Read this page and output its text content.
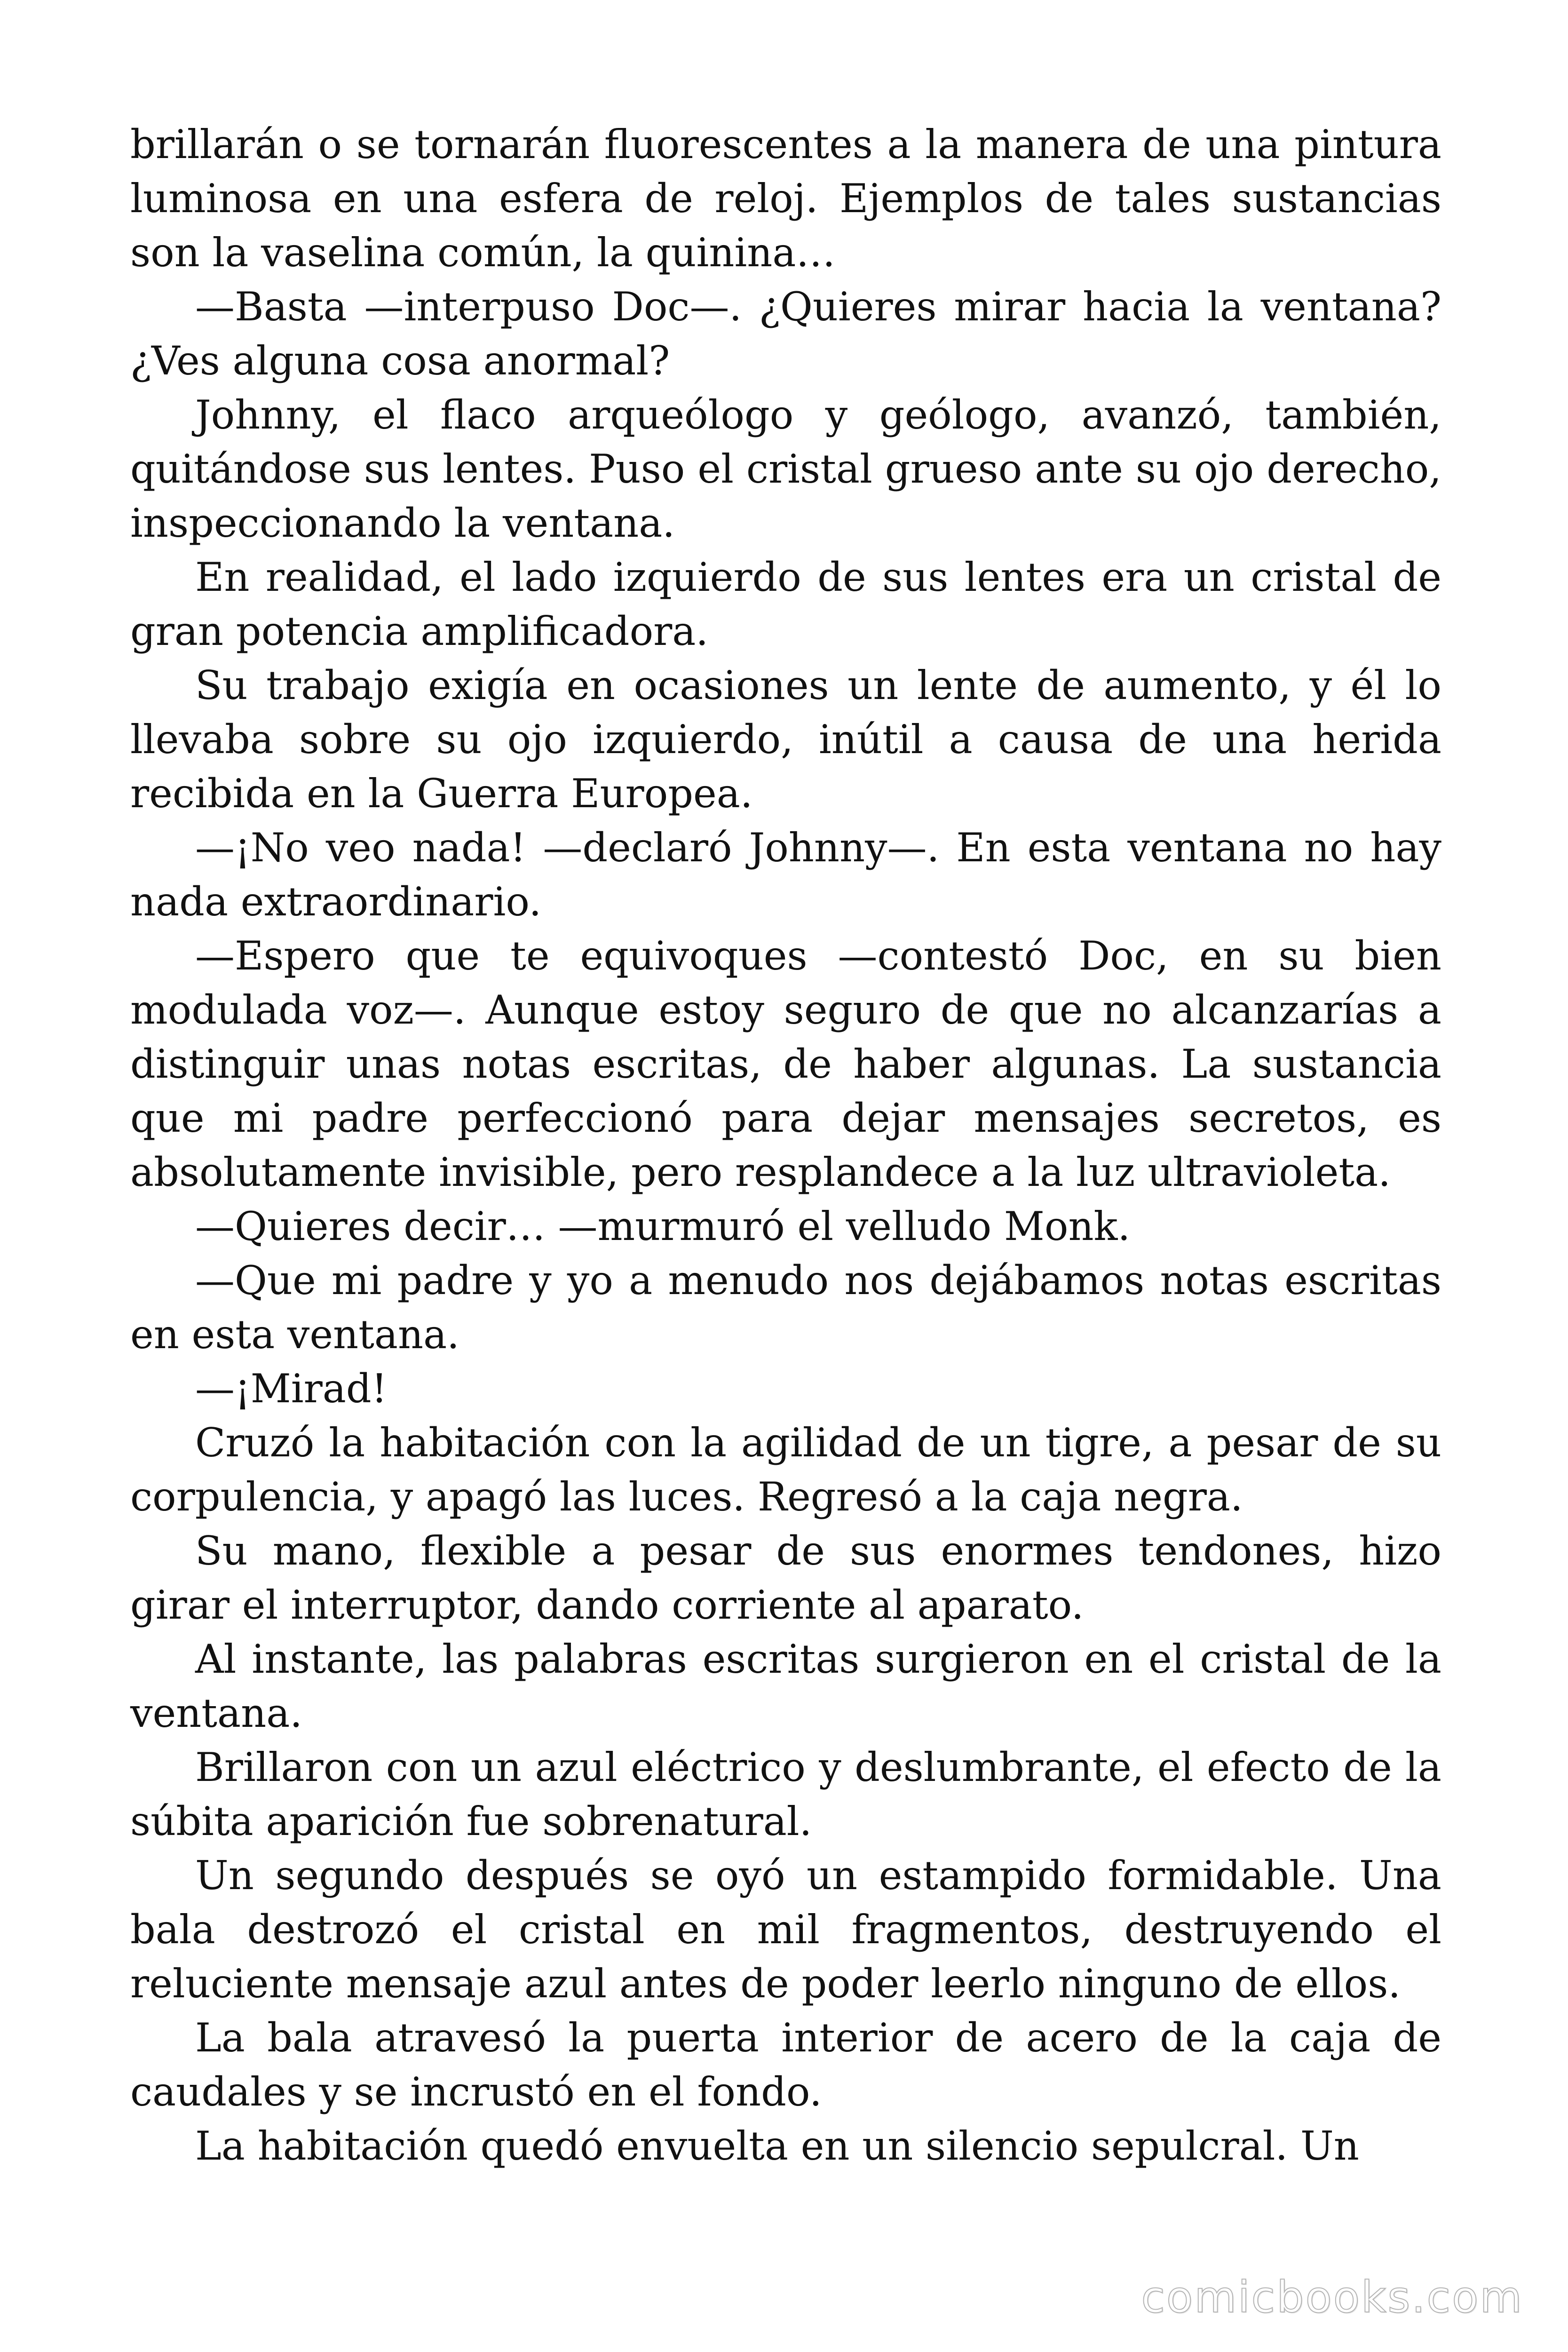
brillarán o se tornarán fluorescentes a la manera de una pintura luminosa en una esfera de reloj. Ejemplos de tales sustancias son la vaselina común, la quinina…

—Basta —interpuso Doc—. ¿Quieres mirar hacia la ventana? ¿Ves alguna cosa anormal?

Johnny, el flaco arqueólogo y geólogo, avanzó, también, quitándose sus lentes. Puso el cristal grueso ante su ojo derecho, inspeccionando la ventana.

En realidad, el lado izquierdo de sus lentes era un cristal de gran potencia amplificadora.

Su trabajo exigía en ocasiones un lente de aumento, y él lo llevaba sobre su ojo izquierdo, inútil a causa de una herida recibida en la Guerra Europea.

—¡No veo nada! —declaró Johnny—. En esta ventana no hay nada extraordinario.

—Espero que te equivoques —contestó Doc, en su bien modulada voz—. Aunque estoy seguro de que no alcanzarías a distinguir unas notas escritas, de haber algunas. La sustancia que mi padre perfeccionó para dejar mensajes secretos, es absolutamente invisible, pero resplandece a la luz ultravioleta.

—Quieres decir… —murmuró el velludo Monk.

—Que mi padre y yo a menudo nos dejábamos notas escritas en esta ventana.

—¡Mirad!

Cruzó la habitación con la agilidad de un tigre, a pesar de su corpulencia, y apagó las luces. Regresó a la caja negra.

Su mano, flexible a pesar de sus enormes tendones, hizo girar el interruptor, dando corriente al aparato.

Al instante, las palabras escritas surgieron en el cristal de la ventana.

Brillaron con un azul eléctrico y deslumbrante, el efecto de la súbita aparición fue sobrenatural.

Un segundo después se oyó un estampido formidable. Una bala destrozó el cristal en mil fragmentos, destruyendo el reluciente mensaje azul antes de poder leerlo ninguno de ellos.

La bala atravesó la puerta interior de acero de la caja de caudales y se incrustó en el fondo.

La habitación quedó envuelta en un silencio sepulcral. Un

comicbooks.com
